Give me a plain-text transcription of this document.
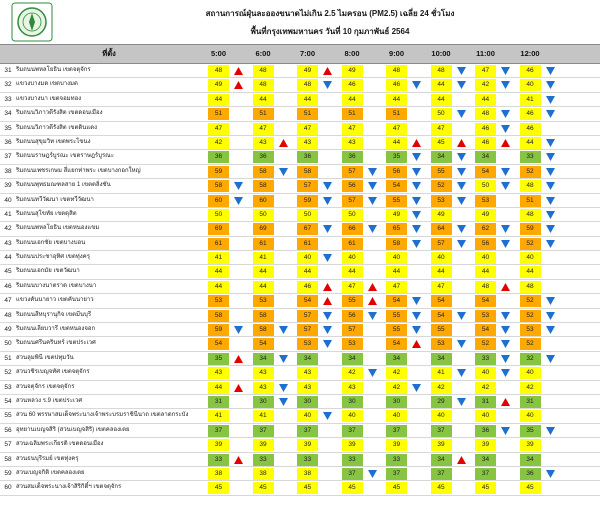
สถานการณ์ฝุ่นละอองขนาดไม่เกิน 2.5 ไมครอน (PM2.5) เฉลี่ย 24 ชั่วโมง
พื้นที่กรุงเทพมหานคร วันที่ 10 กุมภาพันธ์ 2564
ที่ตั้ง	5:00	6:00	7:00	8:00	9:00	10:00	11:00	12:00
31 ริมถนนพหลโยธิน เขตจตุจักร	48	48	49	49	48	48	47	46
32 แขวงบางมด เขตบางมด	49	48	48	46	46	44	42	40
33 แขวงบางนา เขตจอมทอง	44	44	44	44	44	44	44	41
34 ริมถนนวิภาวดีรังสิต เขตดอนเมือง	51	51	51	51	51	50	48	46
35 ริมถนนวิภาวดีรังสิต เขตดินแดง	47	47	47	47	47	47	46	46
36 ริมถนนสุขุมวิท เขตพระโขนง	42	43	43	43	44	45	46	44
37 ริมถนนราษฎร์บูรณะ เขตราษฎร์บูรณะ	36	36	36	36	35	34	34	33
38 ริมถนนเพชรเกษม สี่แยกท่าพระ เขตบางกอกใหญ่	59	58	58	57	56	55	54	52
39 ริมถนนพุทธมณฑลสาย 1 เขตตลิ่งชัน	58	58	57	56	54	52	50	48
40 ริมถนนทวีวัฒนา เขตทวีวัฒนา	60	60	59	57	55	53	53	51
41 ริมถนนสุโขทัย เขตดุสิต	50	50	50	50	49	49	49	48
42 ริมถนนพหลโยธิน เขตหนองแขม	69	69	67	66	65	64	62	59
43 ริมถนนเอกชัย เขตบางบอน	61	61	61	61	58	57	56	52
44 ริมถนนประชาอุทิศ เขตทุ่งครุ	41	41	40	40	40	40	40	40
45 ริมถนนเอกมัย เขตวัฒนา	44	44	44	44	44	44	44	44
46 ริมถนนบางนาตราด เขตบางนา	44	44	46	47	47	47	48	48
47 แขวงคันนายาว เขตคันนายาว	53	53	54	55	54	54	54	52
48 ริมถนนสีหบุรานุกิจ เขตมีนบุรี	58	58	57	56	55	54	53	52
49 ริมถนนเลียบวารี เขตหนองจอก	59	58	57	57	55	55	54	53
50 ริมถนนศรีนครินทร์ เขตประเวศ	54	54	53	53	54	53	52	52
51 สวนลุมพินี เขตปทุมวัน	35	34	34	34	34	34	33	32
52 สวนวชิรเบญจทัศ เขตจตุจักร	43	43	43	42	42	41	40	40
53 สวนจตุจักร เขตจตุจักร	44	43	43	43	42	42	42	42
54 สวนหลวง ร.9 เขตประเวศ	31	30	30	30	30	29	31	31
55 สวน 60 พรรษาสมเด็จพระนางเจ้าพระบรมราชินีนาถ เขตลาดกระบัง	41	41	40	40	40	40	40	40
56 อุทยานเบญจสิริ (สวนเบญจสิริ) เขตคลองเตย	37	37	37	37	37	37	36	35
57 สวนเฉลิมพระเกียรติ เขตดอนเมือง	39	39	39	39	39	39	39	39
58 สวนธนบุรีรมย์ เขตทุ่งครุ	33	33	33	33	33	34	34	34
59 สวนเบญจกิติ เขตคลองเตย	38	38	38	37	37	37	37	36
60 สวนสมเด็จพระนางเจ้าสิริกิติ์ฯ เขตจตุจักร	45	45	45	45	45	45	45	45
